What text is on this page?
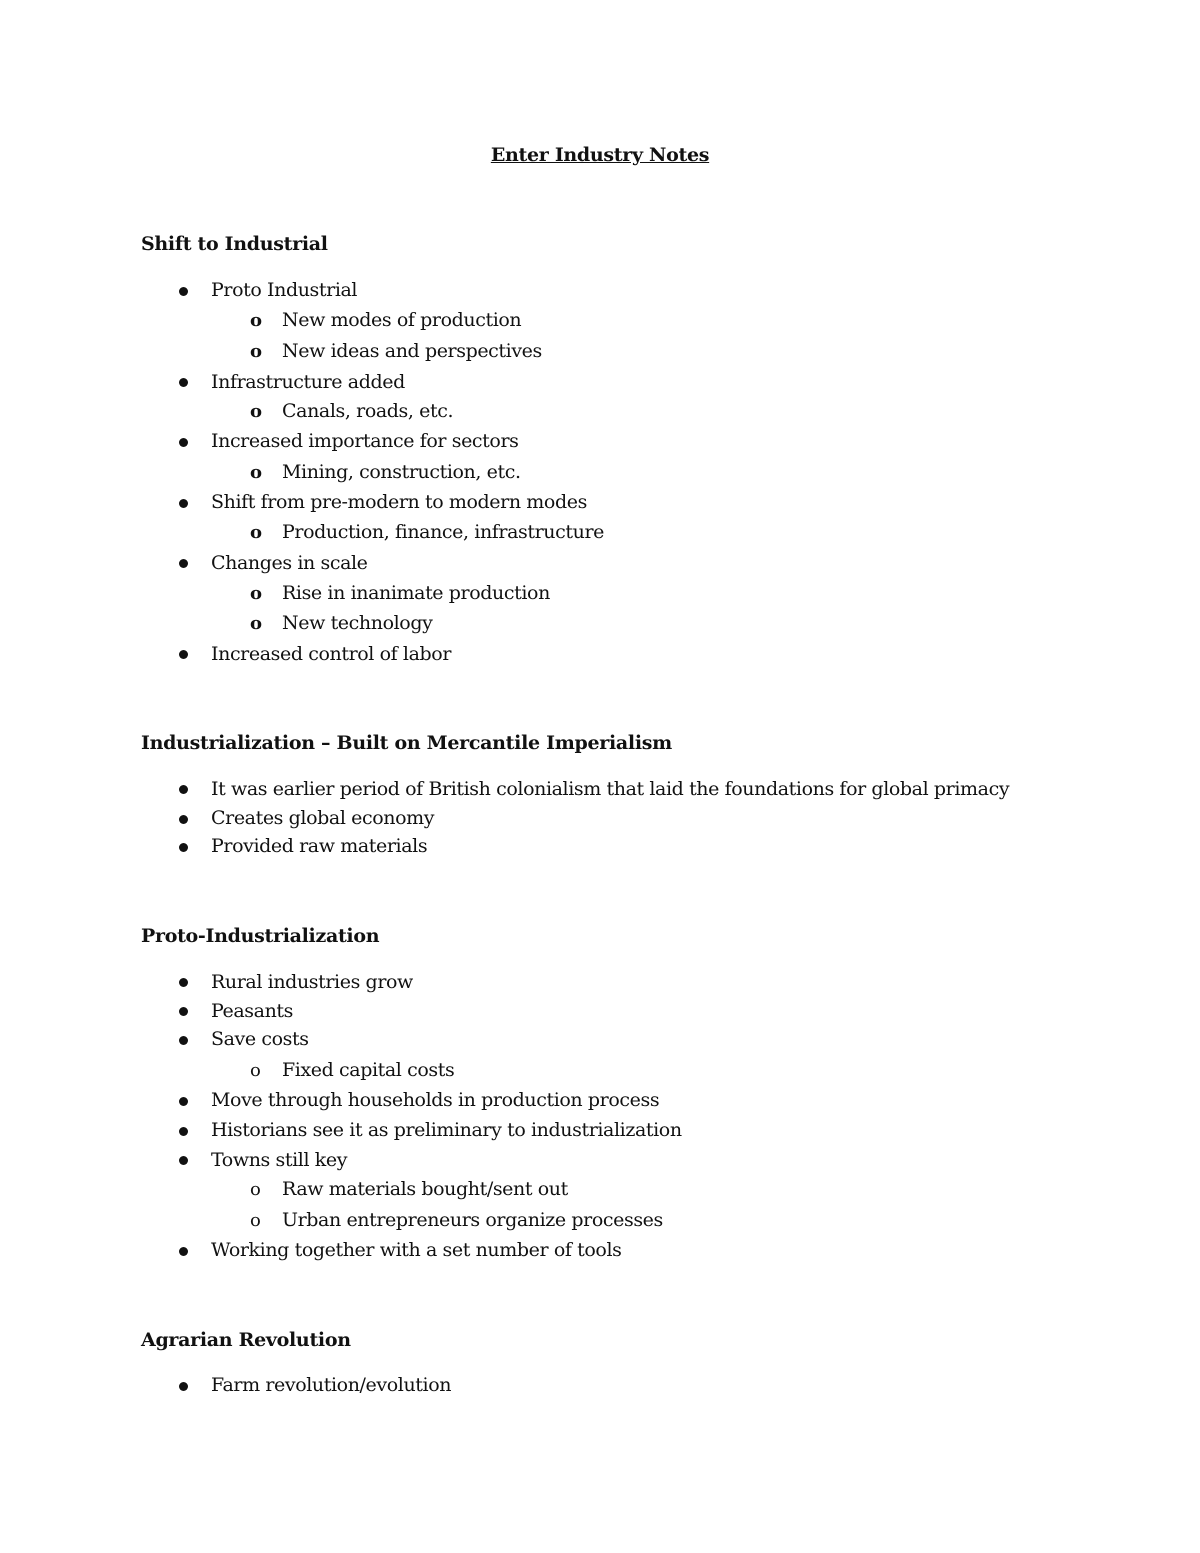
Enter Industry Notes
Shift to Industrial
Proto Industrial
o New modes of production
o New ideas and perspectives
Infrastructure added
o Canals, roads, etc.
Increased importance for sectors
o Mining, construction, etc.
Shift from pre-modern to modern modes
o Production, finance, infrastructure
Changes in scale
o Rise in inanimate production
o New technology
Increased control of labor
Industrialization – Built on Mercantile Imperialism
It was earlier period of British colonialism that laid the foundations for global primacy
Creates global economy
Provided raw materials
Proto-Industrialization
Rural industries grow
Peasants
Save costs
o Fixed capital costs
Move through households in production process
Historians see it as preliminary to industrialization
Towns still key
o Raw materials bought/sent out
o Urban entrepreneurs organize processes
Working together with a set number of tools
Agrarian Revolution
Farm revolution/evolution
